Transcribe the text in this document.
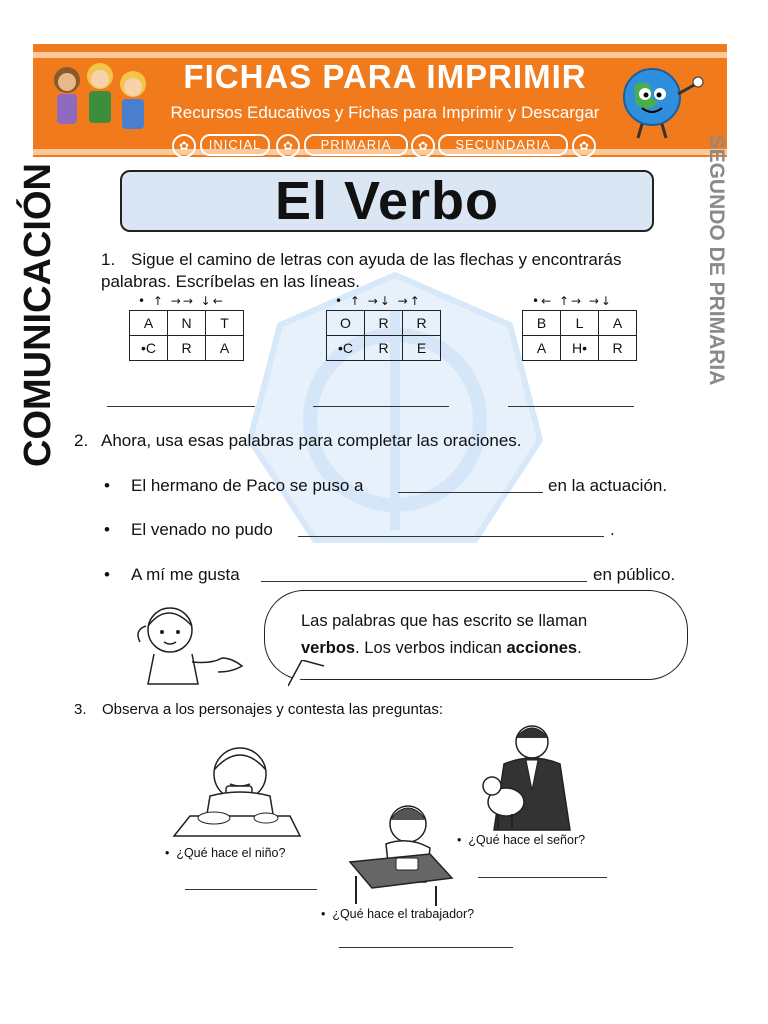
FICHAS PARA IMPRIMIR
Recursos Educativos y Fichas para Imprimir y Descargar
✿	INICIAL	✿	PRIMARIA	✿	SECUNDARIA	✿
COMUNICACIÓN	SEGUNDO DE PRIMARIA
El Verbo
1. Sigue el camino de letras con ayuda de las flechas y encontrarás
palabras. Escríbelas en las líneas.
• ↑ →→ ↓←
A	N	T
•C	R	A
• ↑ →↓ →↑
O	R	R
•C	R	E
•← ↑→ →↓
B	L	A
A	H•	R
2. Ahora, usa esas palabras para completar las oraciones.
• El hermano de Paco se puso a	en la actuación.
• El venado no pudo	.
• A mí me gusta	en público.
Las palabras que has escrito se llaman
verbos. Los verbos indican acciones.
3. Observa a los personajes y contesta las preguntas:
•  ¿Qué hace el niño?
•  ¿Qué hace el trabajador?
•  ¿Qué hace el señor?
